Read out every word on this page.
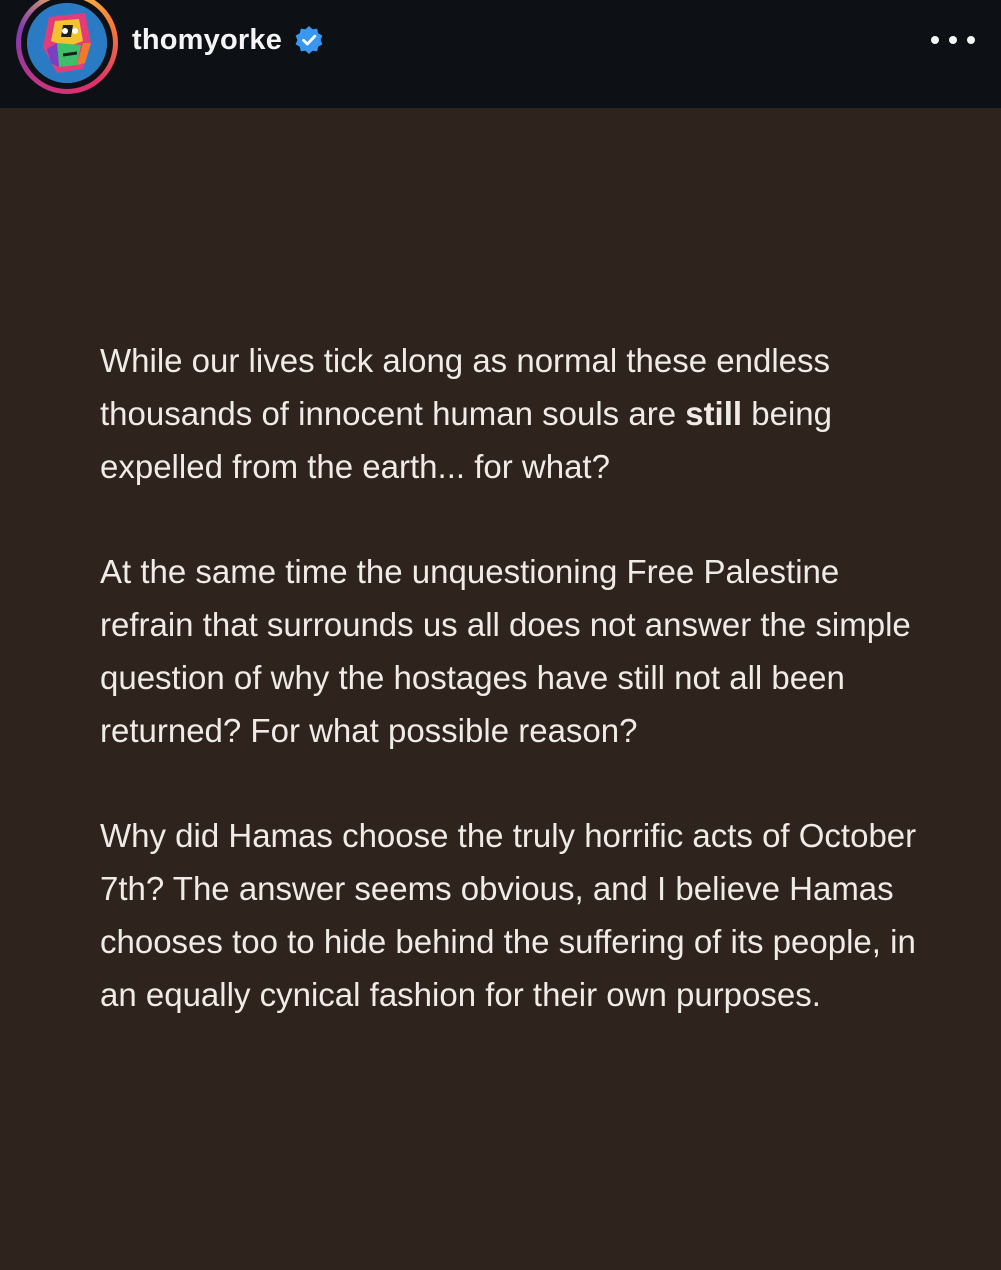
thomyorke

While our lives tick along as normal these endless thousands of innocent human souls are still being expelled from the earth... for what?

At the same time the unquestioning Free Palestine refrain that surrounds us all does not answer the simple question of why the hostages have still not all been returned? For what possible reason?

Why did Hamas choose the truly horrific acts of October 7th? The answer seems obvious, and I believe Hamas chooses too to hide behind the suffering of its people, in an equally cynical fashion for their own purposes.
